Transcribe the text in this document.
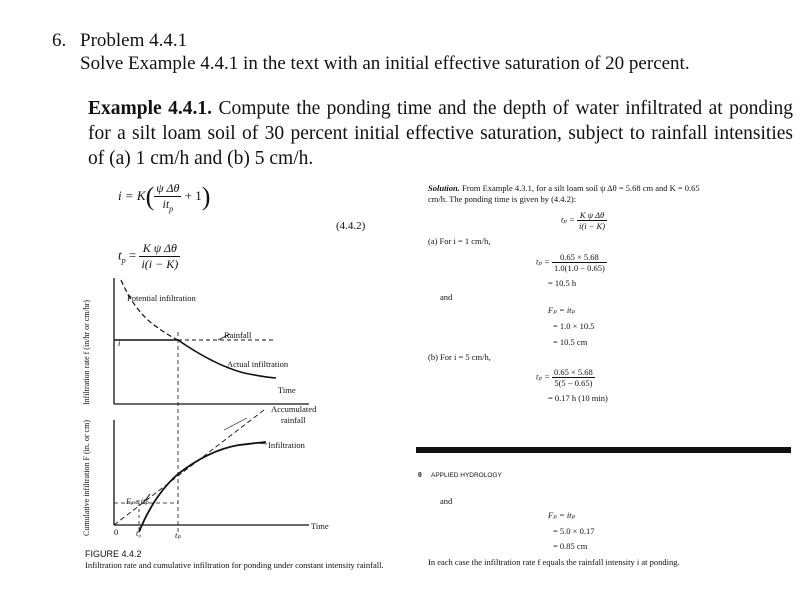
6. Problem 4.4.1
Solve Example 4.4.1 in the text with an initial effective saturation of 20 percent.
Example 4.4.1. Compute the ponding time and the depth of water infiltrated at ponding for a silt loam soil of 30 percent initial effective saturation, subject to rainfall intensities of (a) 1 cm/h and (b) 5 cm/h.
$i = K( \frac{\text{ψ Δθ}}{it_p} + 1)$
(4.4.2)
$t_p = \frac{\text{K ψ Δθ}}{i(i - K)}$
Infiltration rate f (in/hr or cm/hr)
Cumulative infiltration F (in. or cm)
Potential infiltration
Rainfall
i
Actual infiltration
Time
Accumulated
rainfall
Infiltration
Fₚ=itₚ
0 t₀	tₚ
Time
FIGURE 4.4.2
Infiltration rate and cumulative infiltration for ponding under constant intensity rainfall.
Solution. From Example 4.3.1, for a silt loam soil ψ Δθ = 5.68 cm and K = 0.65
cm/h. The ponding time is given by (4.4.2):
$t_p = \frac{\text{K ψ Δθ}}{i(i - K)}$
(a) For i = 1 cm/h,
$t_p = \frac{0.65 \times 5.68}{1.0(1.0 - 0.65)}$
= 10.5 h
and
Fₚ = itₚ
= 1.0 × 10.5
= 10.5 cm
(b) For i = 5 cm/h,
$t_p = \frac{0.65 \times 5.68}{5(5 - 0.65)}$
= 0.17 h (10 min)
0 APPLIED HYDROLOGY
and
Fₚ = itₚ
= 5.0 × 0.17
= 0.85 cm
In each case the infiltration rate f equals the rainfall intensity i at ponding.
